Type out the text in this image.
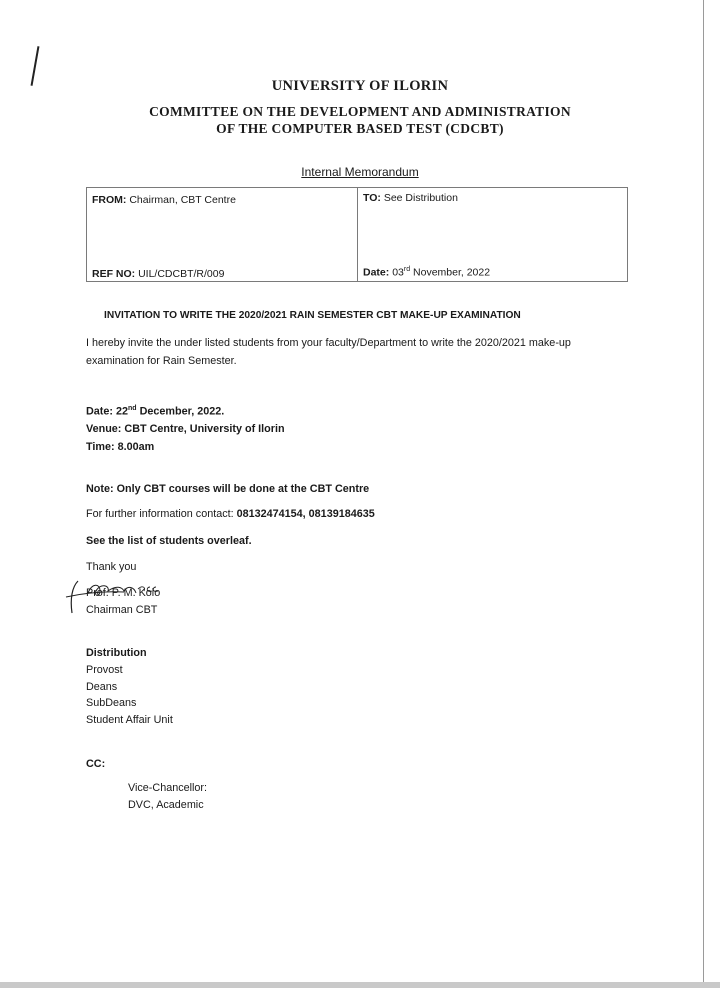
UNIVERSITY OF ILORIN
COMMITTEE ON THE DEVELOPMENT AND ADMINISTRATION
OF THE COMPUTER BASED TEST (CDCBT)
Internal Memorandum
FROM: Chairman, CBT Centre	TO: See Distribution
REF NO: UIL/CDCBT/R/009	Date: 03rd November, 2022
INVITATION TO WRITE THE 2020/2021 RAIN SEMESTER CBT MAKE-UP EXAMINATION
I hereby invite the under listed students from your faculty/Department to write the 2020/2021 make-up
examination for Rain Semester.
Date: 22nd December, 2022.
Venue: CBT Centre, University of Ilorin
Time: 8.00am
Note: Only CBT courses will be done at the CBT Centre
For further information contact: 08132474154, 08139184635
See the list of students overleaf.
Thank you
Prof. P. M. Kolo
Chairman CBT
Distribution
Provost
Deans
SubDeans
Student Affair Unit
CC:
Vice-Chancellor:
DVC, Academic
